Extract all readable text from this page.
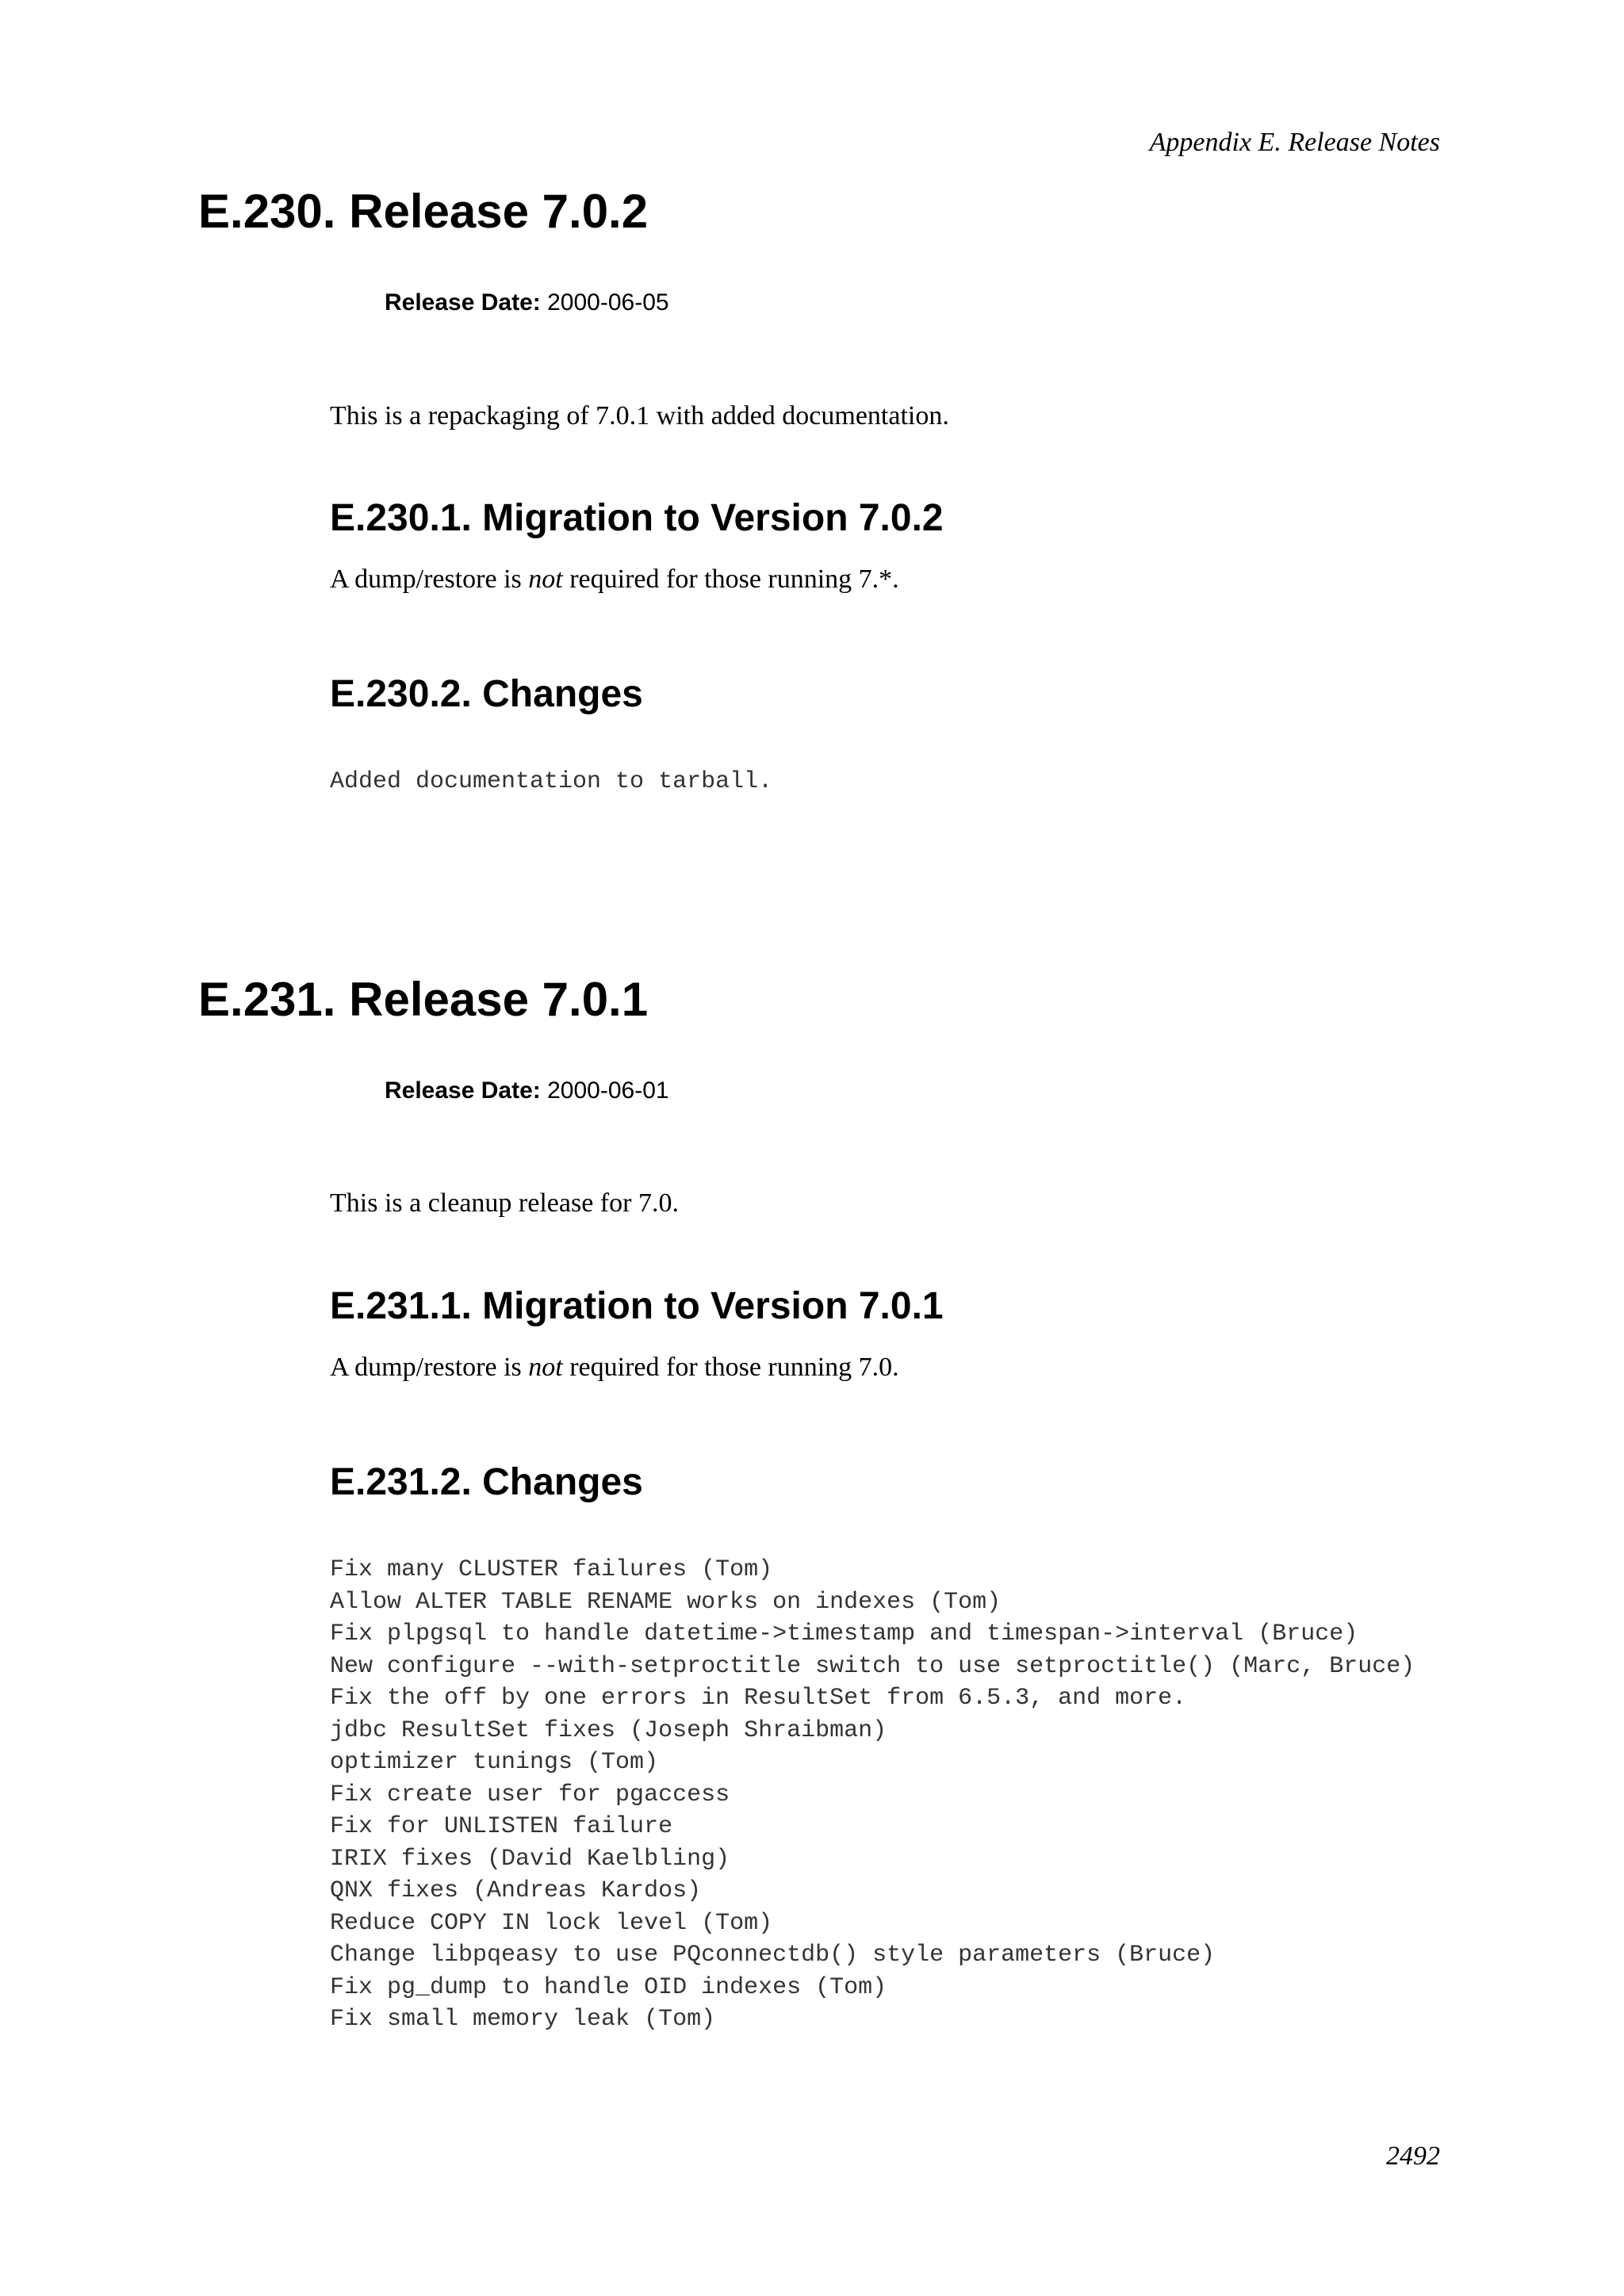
Appendix E. Release Notes

E.230. Release 7.0.2

Release Date: 2000-06-05

This is a repackaging of 7.0.1 with added documentation.

E.230.1. Migration to Version 7.0.2

A dump/restore is not required for those running 7.*.

E.230.2. Changes
Added documentation to tarball.
E.231. Release 7.0.1

Release Date: 2000-06-01

This is a cleanup release for 7.0.

E.231.1. Migration to Version 7.0.1

A dump/restore is not required for those running 7.0.

E.231.2. Changes
Fix many CLUSTER failures (Tom)
Allow ALTER TABLE RENAME works on indexes (Tom)
Fix plpgsql to handle datetime->timestamp and timespan->interval (Bruce)
New configure --with-setproctitle switch to use setproctitle() (Marc, Bruce)
Fix the off by one errors in ResultSet from 6.5.3, and more.
jdbc ResultSet fixes (Joseph Shraibman)
optimizer tunings (Tom)
Fix create user for pgaccess
Fix for UNLISTEN failure
IRIX fixes (David Kaelbling)
QNX fixes (Andreas Kardos)
Reduce COPY IN lock level (Tom)
Change libpqeasy to use PQconnectdb() style parameters (Bruce)
Fix pg_dump to handle OID indexes (Tom)
Fix small memory leak (Tom)

2492
